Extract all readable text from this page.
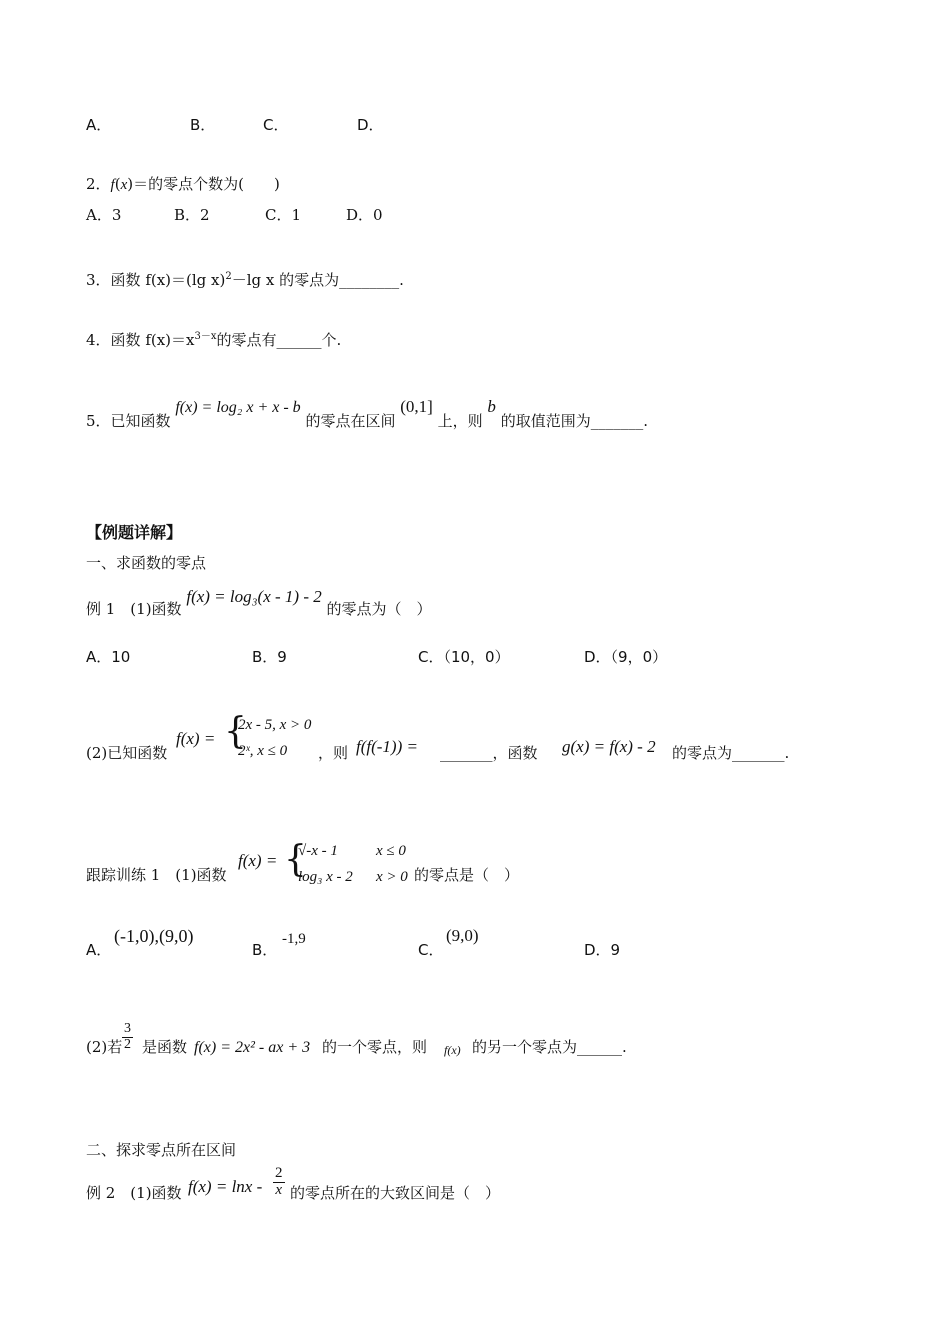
A．	B．	C．	D．
2．f(x)＝的零点个数为(　　)
A．3	B．2	C．1	D．0
3．函数 f(x)＝(lg x)$^2$－lg x 的零点为________.
4．函数 $f(x)=x^{3-x}$的零点有______个.
5．已知函数 f(x) = log₂ x + x - b 的零点在区间 (0,1] 上，则 b 的取值范围为_______.
【例题详解】
一、求函数的零点
例 1　(1)函数 f(x) = log₃(x - 1) - 2 的零点为（　）
A．10	B．9	C．（10，0）	D．（9，0）
(2)已知函数
f(x) = {
2x - 5, x > 0
2ˣ, x ≤ 0 ，则 f(f(-1)) = _______，函数 g(x) = f(x) - 2 的零点为_______.
跟踪训练 1　(1)函数
f(x) = {
√-x - 1	x ≤ 0
log₃ x - 2 x > 0 的零点是（　）
A．
(-1,0),(9,0)
B．
-1,9
C．
(9,0)
D．9
(2)若 $\frac{3}{2}$ 是函数 f(x) = 2x² - ax + 3 的一个零点，则 f(x) 的另一个零点为______.
二、探求零点所在区间
例 2　(1)函数 $f(x) = \ln x - \frac{2}{x}$ 的零点所在的大致区间是（　）
